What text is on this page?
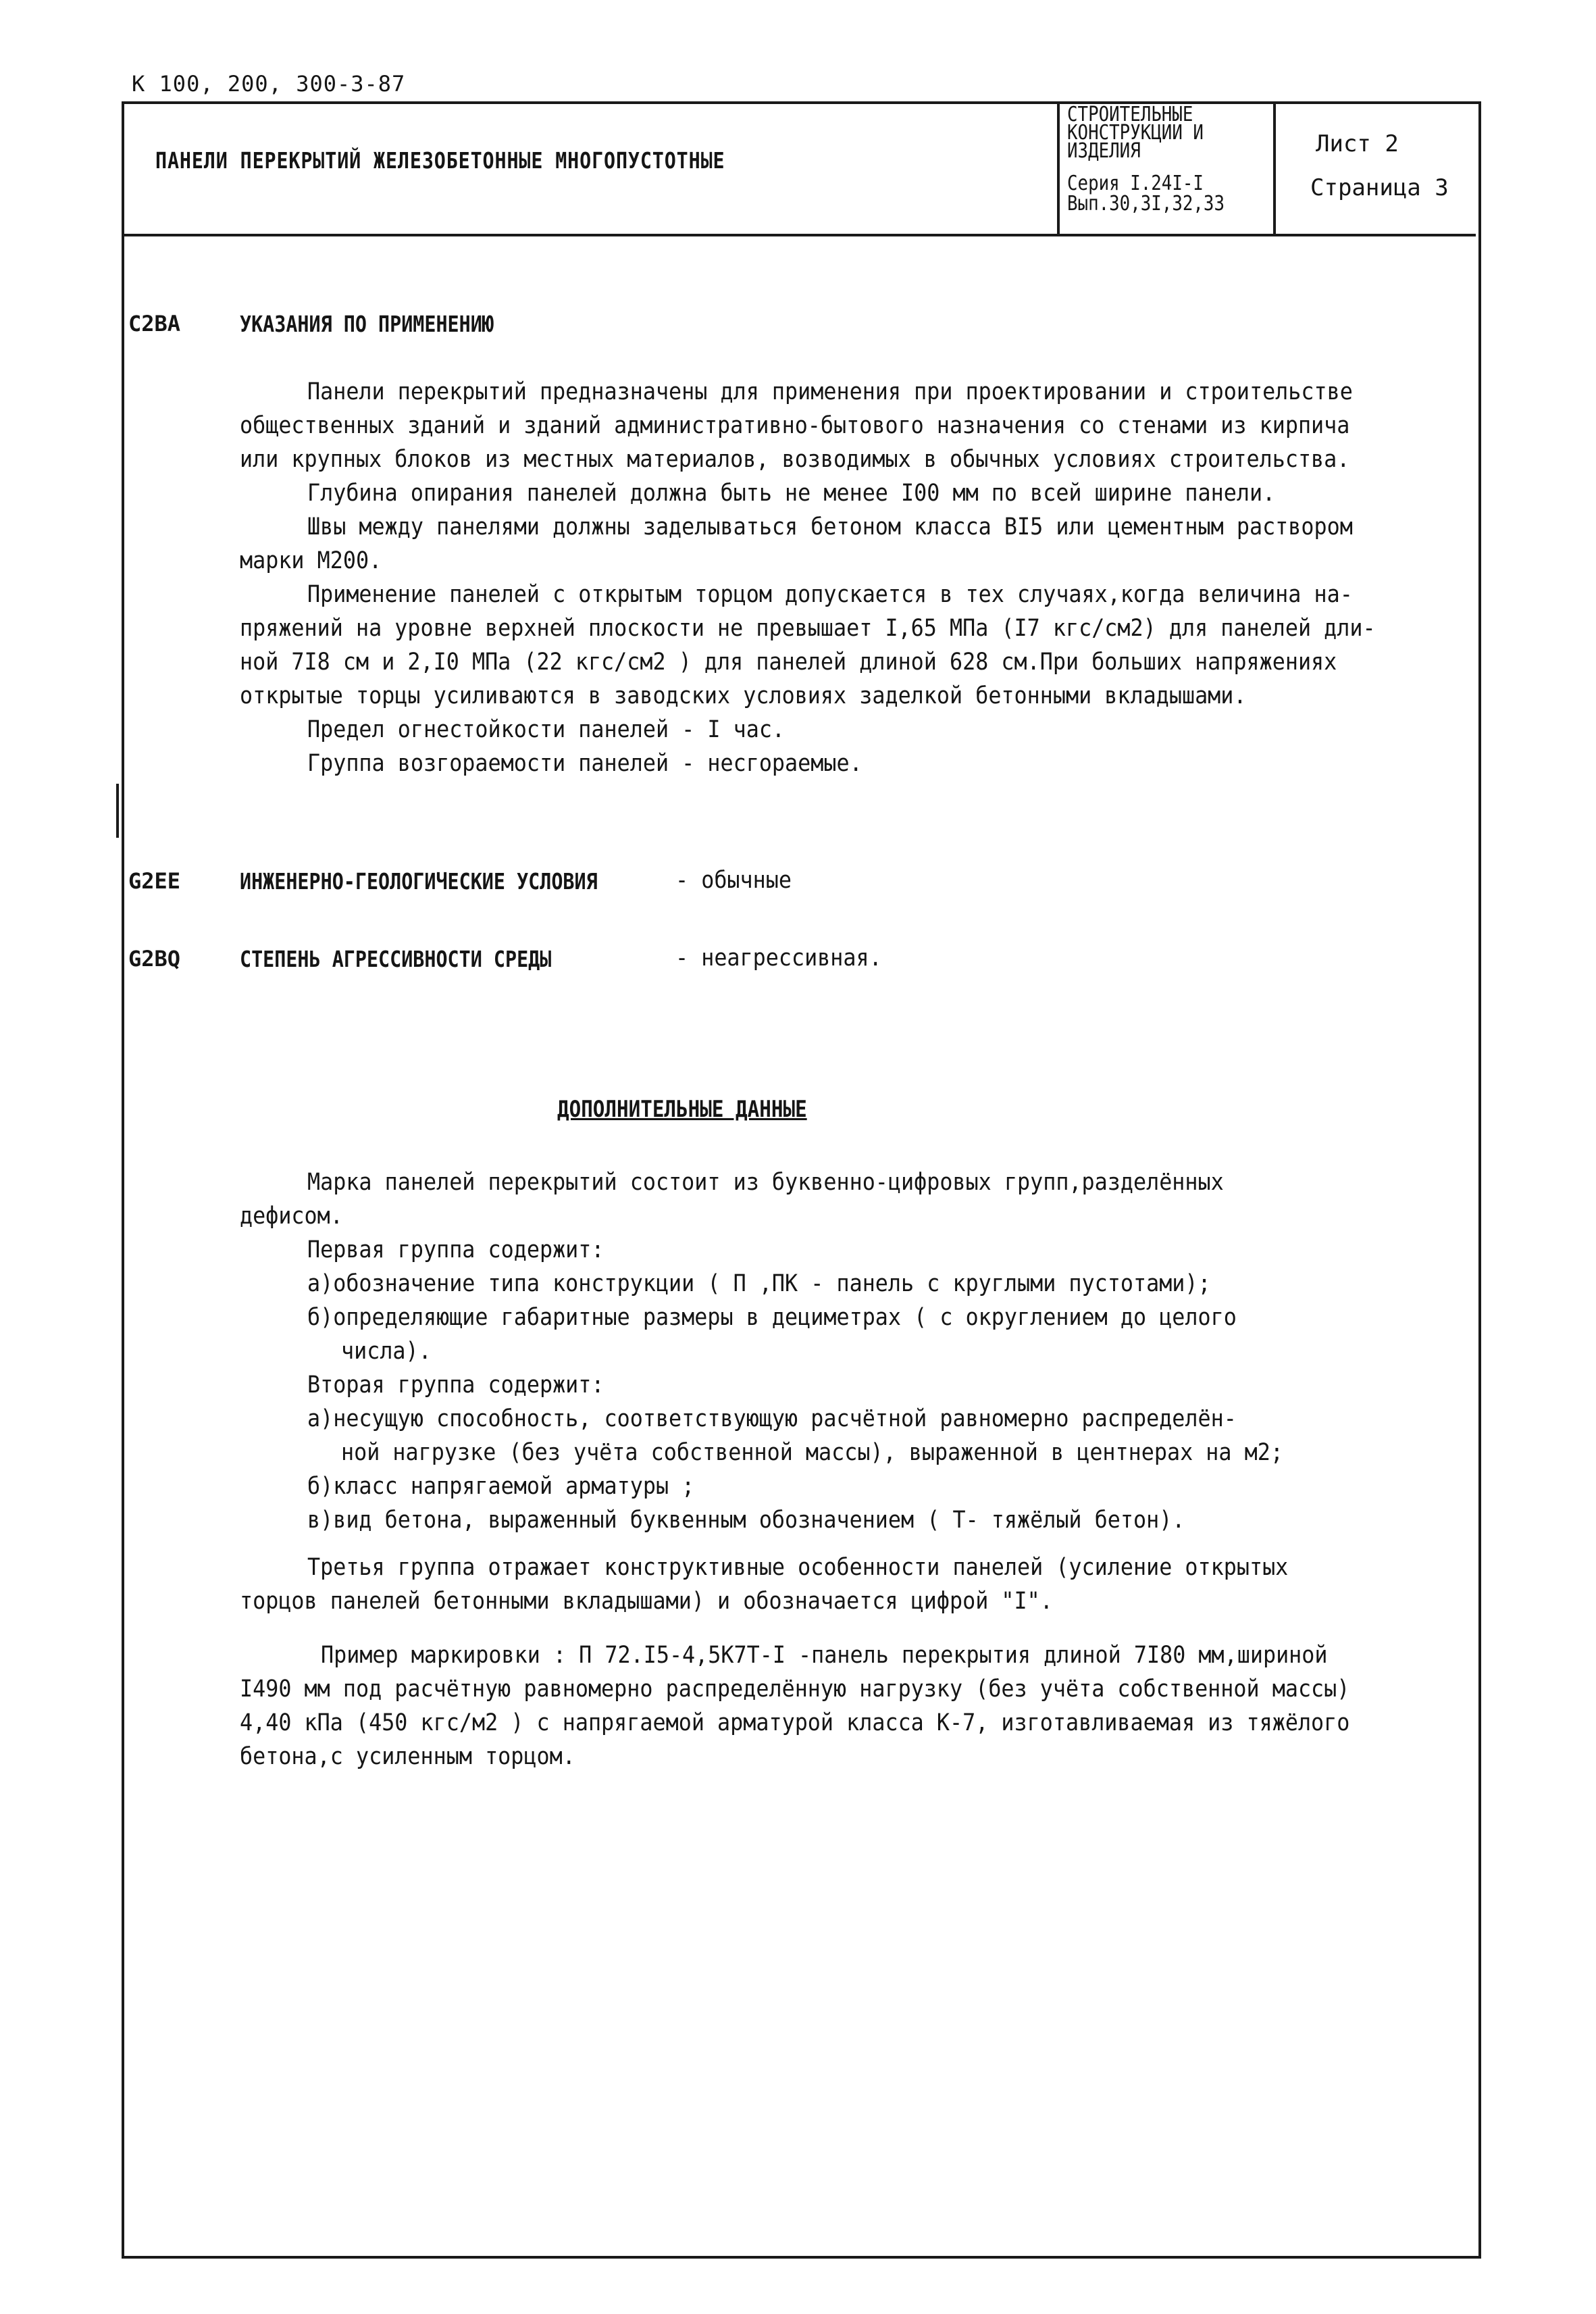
К 100, 200, 300-3-87
ПАНЕЛИ ПЕРЕКРЫТИЙ ЖЕЛЕЗОБЕТОННЫЕ МНОГОПУСТОТНЫЕ
СТРОИТЕЛЬНЫЕ
КОНСТРУКЦИИ И
ИЗДЕЛИЯ
Серия I.24I-I
Вып.30,3I,32,33
Лист 2
Страница 3
С2ВА	УКАЗАНИЯ ПО ПРИМЕНЕНИЮ
Панели перекрытий предназначены для применения при проектировании и строительстве
общественных зданий и зданий административно-бытового назначения со стенами из кирпича
или крупных блоков из местных материалов, возводимых в обычных условиях строительства.
Глубина опирания панелей должна быть не менее I00 мм по всей ширине панели.
Швы между панелями должны заделываться бетоном класса ВI5 или цементным раствором
марки М200.
Применение панелей с открытым торцом допускается в тех случаях,когда величина на-
пряжений на уровне верхней плоскости не превышает I,65 МПа (I7 кгс/см2) для панелей дли-
ной 7I8 см и 2,I0 МПа (22 кгс/см2 ) для панелей длиной 628 см.При больших напряжениях
открытые торцы усиливаются в заводских условиях заделкой бетонными вкладышами.
Предел огнестойкости панелей - I час.
Группа возгораемости панелей - несгораемые.
G2EE	ИНЖЕНЕРНО-ГЕОЛОГИЧЕСКИЕ УСЛОВИЯ	- обычные
G2BQ	СТЕПЕНЬ АГРЕССИВНОСТИ СРЕДЫ	- неагрессивная.
ДОПОЛНИТЕЛЬНЫЕ ДАННЫЕ
Марка панелей перекрытий состоит из буквенно-цифровых групп,разделённых
дефисом.
Первая группа содержит:
а)обозначение типа конструкции ( П ,ПК - панель с круглыми пустотами);
б)определяющие габаритные размеры в дециметрах ( с округлением до целого
числа).
Вторая группа содержит:
а)несущую способность, соответствующую расчётной равномерно распределён-
ной нагрузке (без учёта собственной массы), выраженной в центнерах на м2;
б)класс напрягаемой арматуры ;
в)вид бетона, выраженный буквенным обозначением ( Т- тяжёлый бетон).
Третья группа отражает конструктивные особенности панелей (усиление открытых
торцов панелей бетонными вкладышами) и обозначается цифрой "I".
Пример маркировки : П 72.I5-4,5К7Т-I -панель перекрытия длиной 7I80 мм,шириной
I490 мм под расчётную равномерно распределённую нагрузку (без учёта собственной массы)
4,40 кПа (450 кгс/м2 ) с напрягаемой арматурой класса К-7, изготавливаемая из тяжёлого
бетона,с усиленным торцом.
